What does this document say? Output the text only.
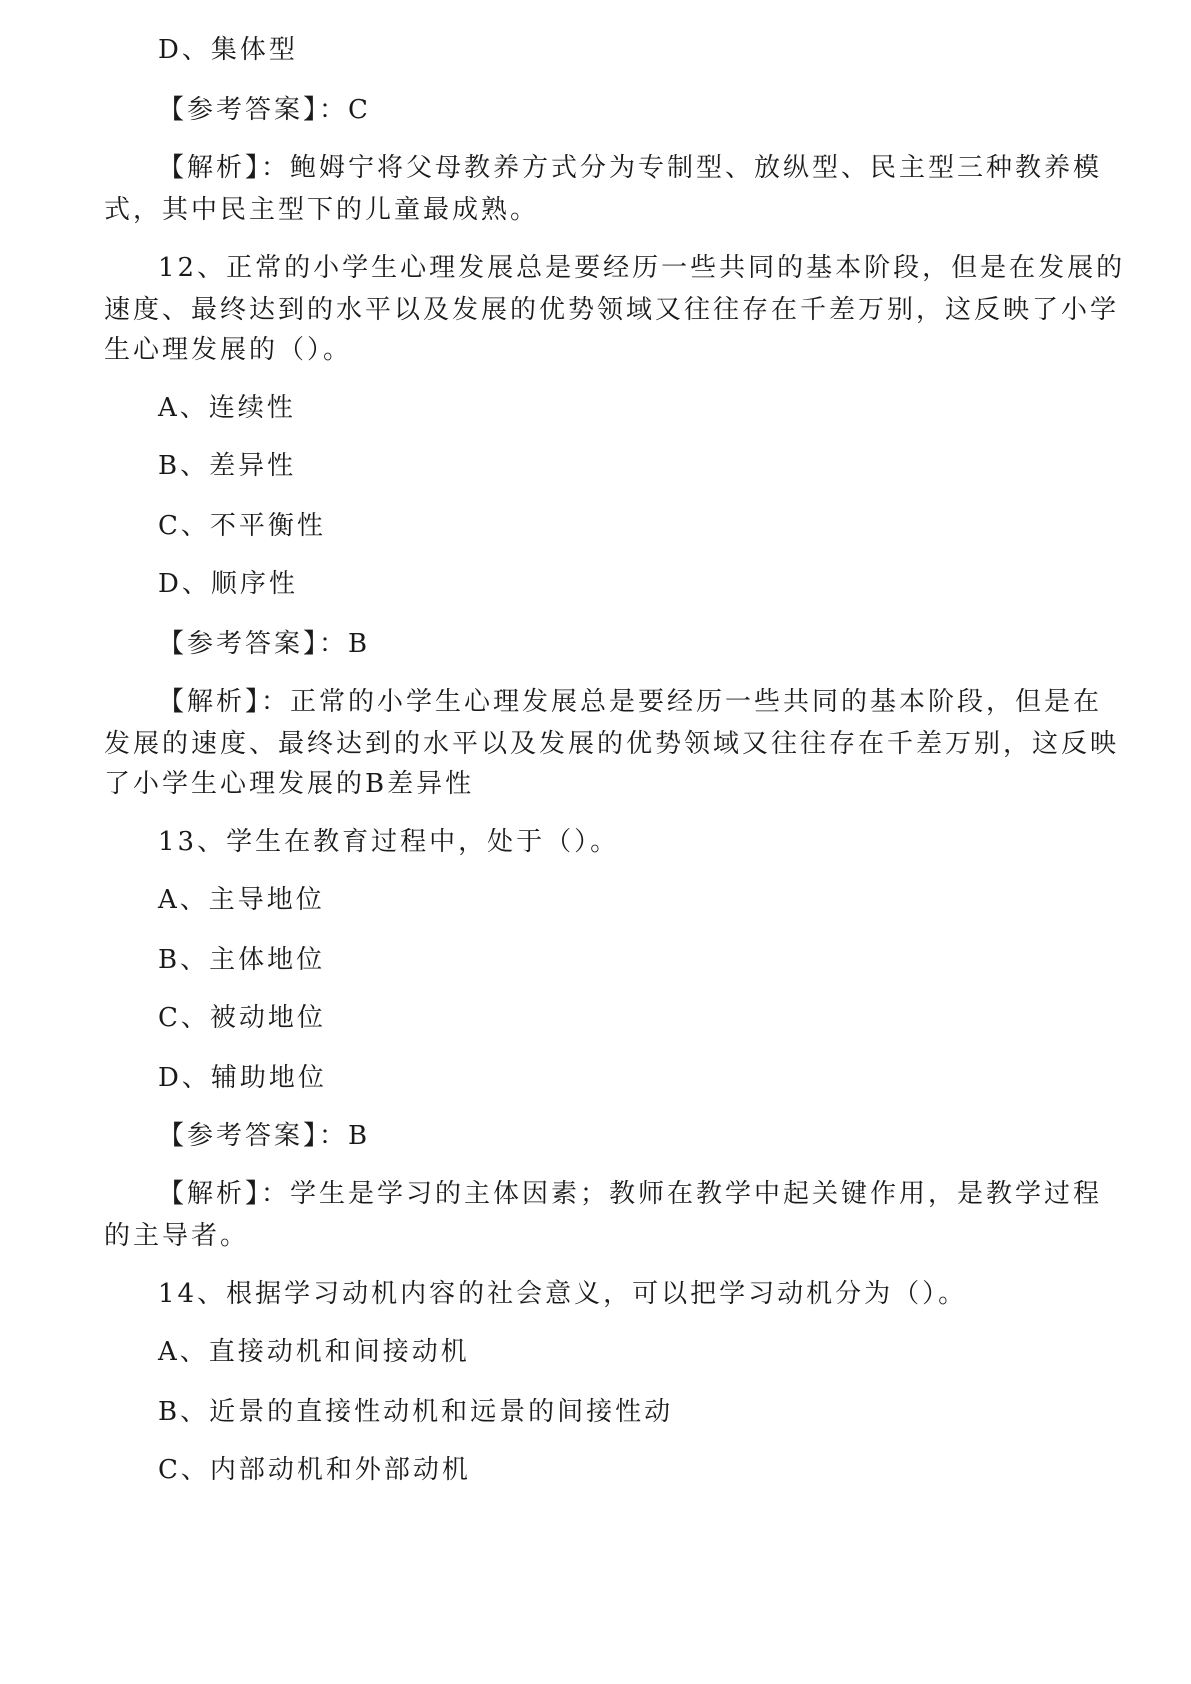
D、集体型
【参考答案】：C
【解析】：鲍姆宁将父母教养方式分为专制型、放纵型、民主型三种教养模
式，其中民主型下的儿童最成熟。
12、正常的小学生心理发展总是要经历一些共同的基本阶段，但是在发展的
速度、最终达到的水平以及发展的优势领域又往往存在千差万别，这反映了小学
生心理发展的（）。
A、连续性
B、差异性
C、不平衡性
D、顺序性
【参考答案】：B
【解析】：正常的小学生心理发展总是要经历一些共同的基本阶段，但是在
发展的速度、最终达到的水平以及发展的优势领域又往往存在千差万别，这反映
了小学生心理发展的B差异性
13、学生在教育过程中，处于（）。
A、主导地位
B、主体地位
C、被动地位
D、辅助地位
【参考答案】：B
【解析】：学生是学习的主体因素；教师在教学中起关键作用，是教学过程
的主导者。
14、根据学习动机内容的社会意义，可以把学习动机分为（）。
A、直接动机和间接动机
B、近景的直接性动机和远景的间接性动
C、内部动机和外部动机
